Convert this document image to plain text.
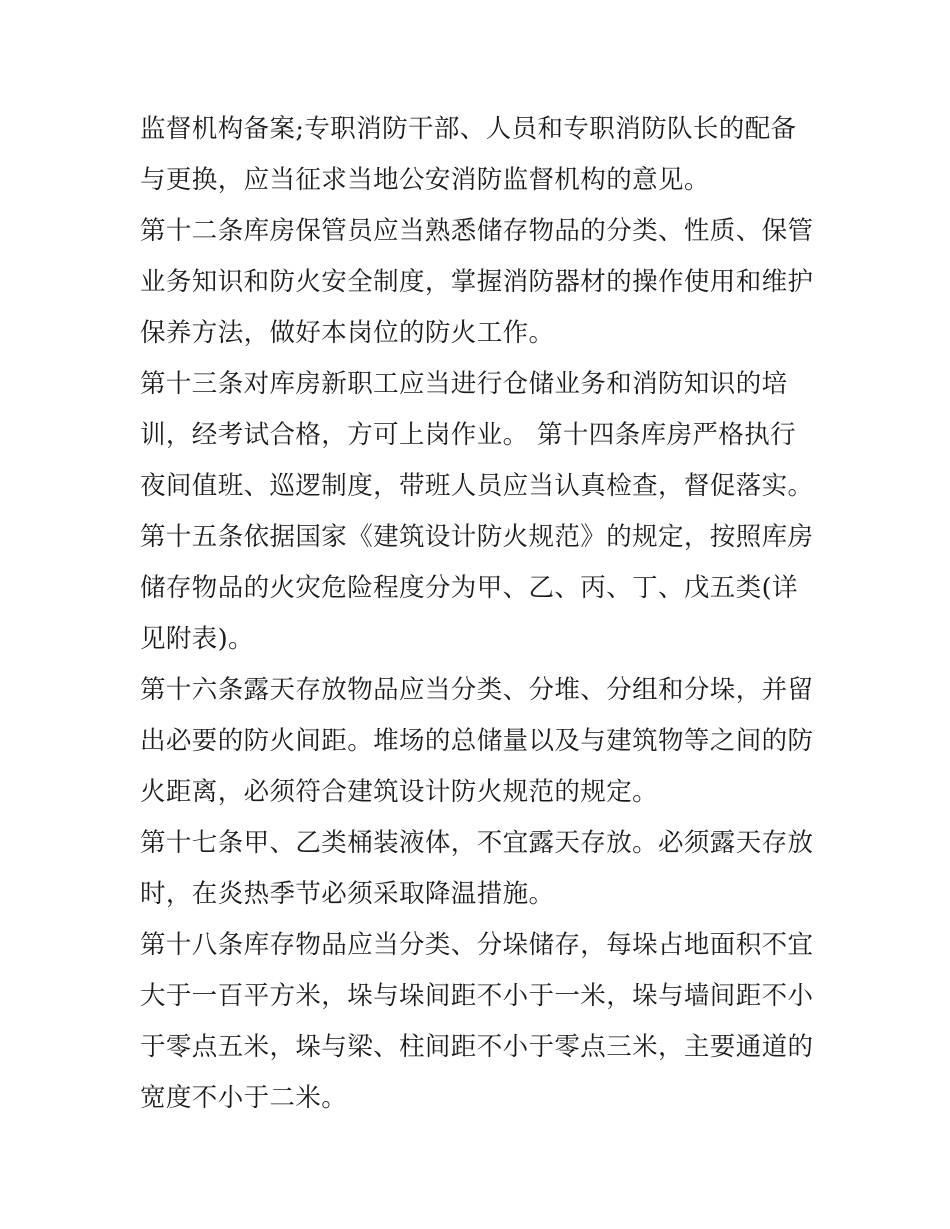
监督机构备案;专职消防干部、人员和专职消防队长的配备与更换，应当征求当地公安消防监督机构的意见。

第十二条库房保管员应当熟悉储存物品的分类、性质、保管业务知识和防火安全制度，掌握消防器材的操作使用和维护保养方法，做好本岗位的防火工作。

第十三条对库房新职工应当进行仓储业务和消防知识的培训，经考试合格，方可上岗作业。 第十四条库房严格执行夜间值班、巡逻制度，带班人员应当认真检查，督促落实。

第十五条依据国家《建筑设计防火规范》的规定，按照库房储存物品的火灾危险程度分为甲、乙、丙、丁、戊五类(详见附表)。

第十六条露天存放物品应当分类、分堆、分组和分垛，并留出必要的防火间距。堆场的总储量以及与建筑物等之间的防火距离，必须符合建筑设计防火规范的规定。

第十七条甲、乙类桶装液体，不宜露天存放。必须露天存放时，在炎热季节必须采取降温措施。

第十八条库存物品应当分类、分垛储存，每垛占地面积不宜大于一百平方米，垛与垛间距不小于一米，垛与墙间距不小于零点五米，垛与梁、柱间距不小于零点三米，主要通道的宽度不小于二米。
